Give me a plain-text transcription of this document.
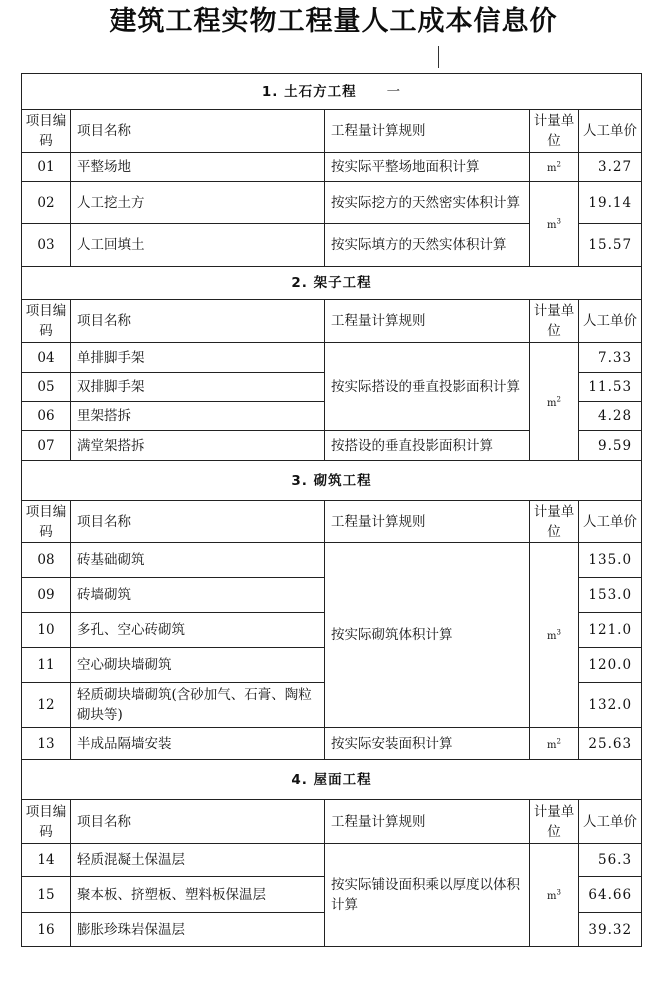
建筑工程实物工程量人工成本信息价
1. 土石方工程 一				
项目编码	项目名称	工程量计算规则	计量单位	人工单价
01	平整场地	按实际平整场地面积计算	$m^2$	3.27
02	人工挖土方	按实际挖方的天然密实体积计算	$m^3$	19.14
03	人工回填土	按实际填方的天然实体积计算		15.57
2. 架子工程				
项目编码	项目名称	工程量计算规则	计量单位	人工单价
04	单排脚手架	按实际搭设的垂直投影面积计算	$m^2$	7.33
05	双排脚手架			11.53
06	里架搭拆			4.28
07	满堂架搭拆	按搭设的垂直投影面积计算		9.59
3. 砌筑工程				
项目编码	项目名称	工程量计算规则	计量单位	人工单价
08	砖基础砌筑	按实际砌筑体积计算	$m^3$	135.0
09	砖墙砌筑			153.0
10	多孔、空心砖砌筑			121.0
11	空心砌块墙砌筑			120.0
12	轻质砌块墙砌筑(含砂加气、石膏、陶粒砌块等)			132.0
13	半成品隔墙安装	按实际安装面积计算	$m^2$	25.63
4. 屋面工程				
项目编码	项目名称	工程量计算规则	计量单位	人工单价
14	轻质混凝土保温层	按实际铺设面积乘以厚度以体积计算	$m^3$	56.3
15	聚本板、挤塑板、塑料板保温层			64.66
16	膨胀珍珠岩保温层			39.32
